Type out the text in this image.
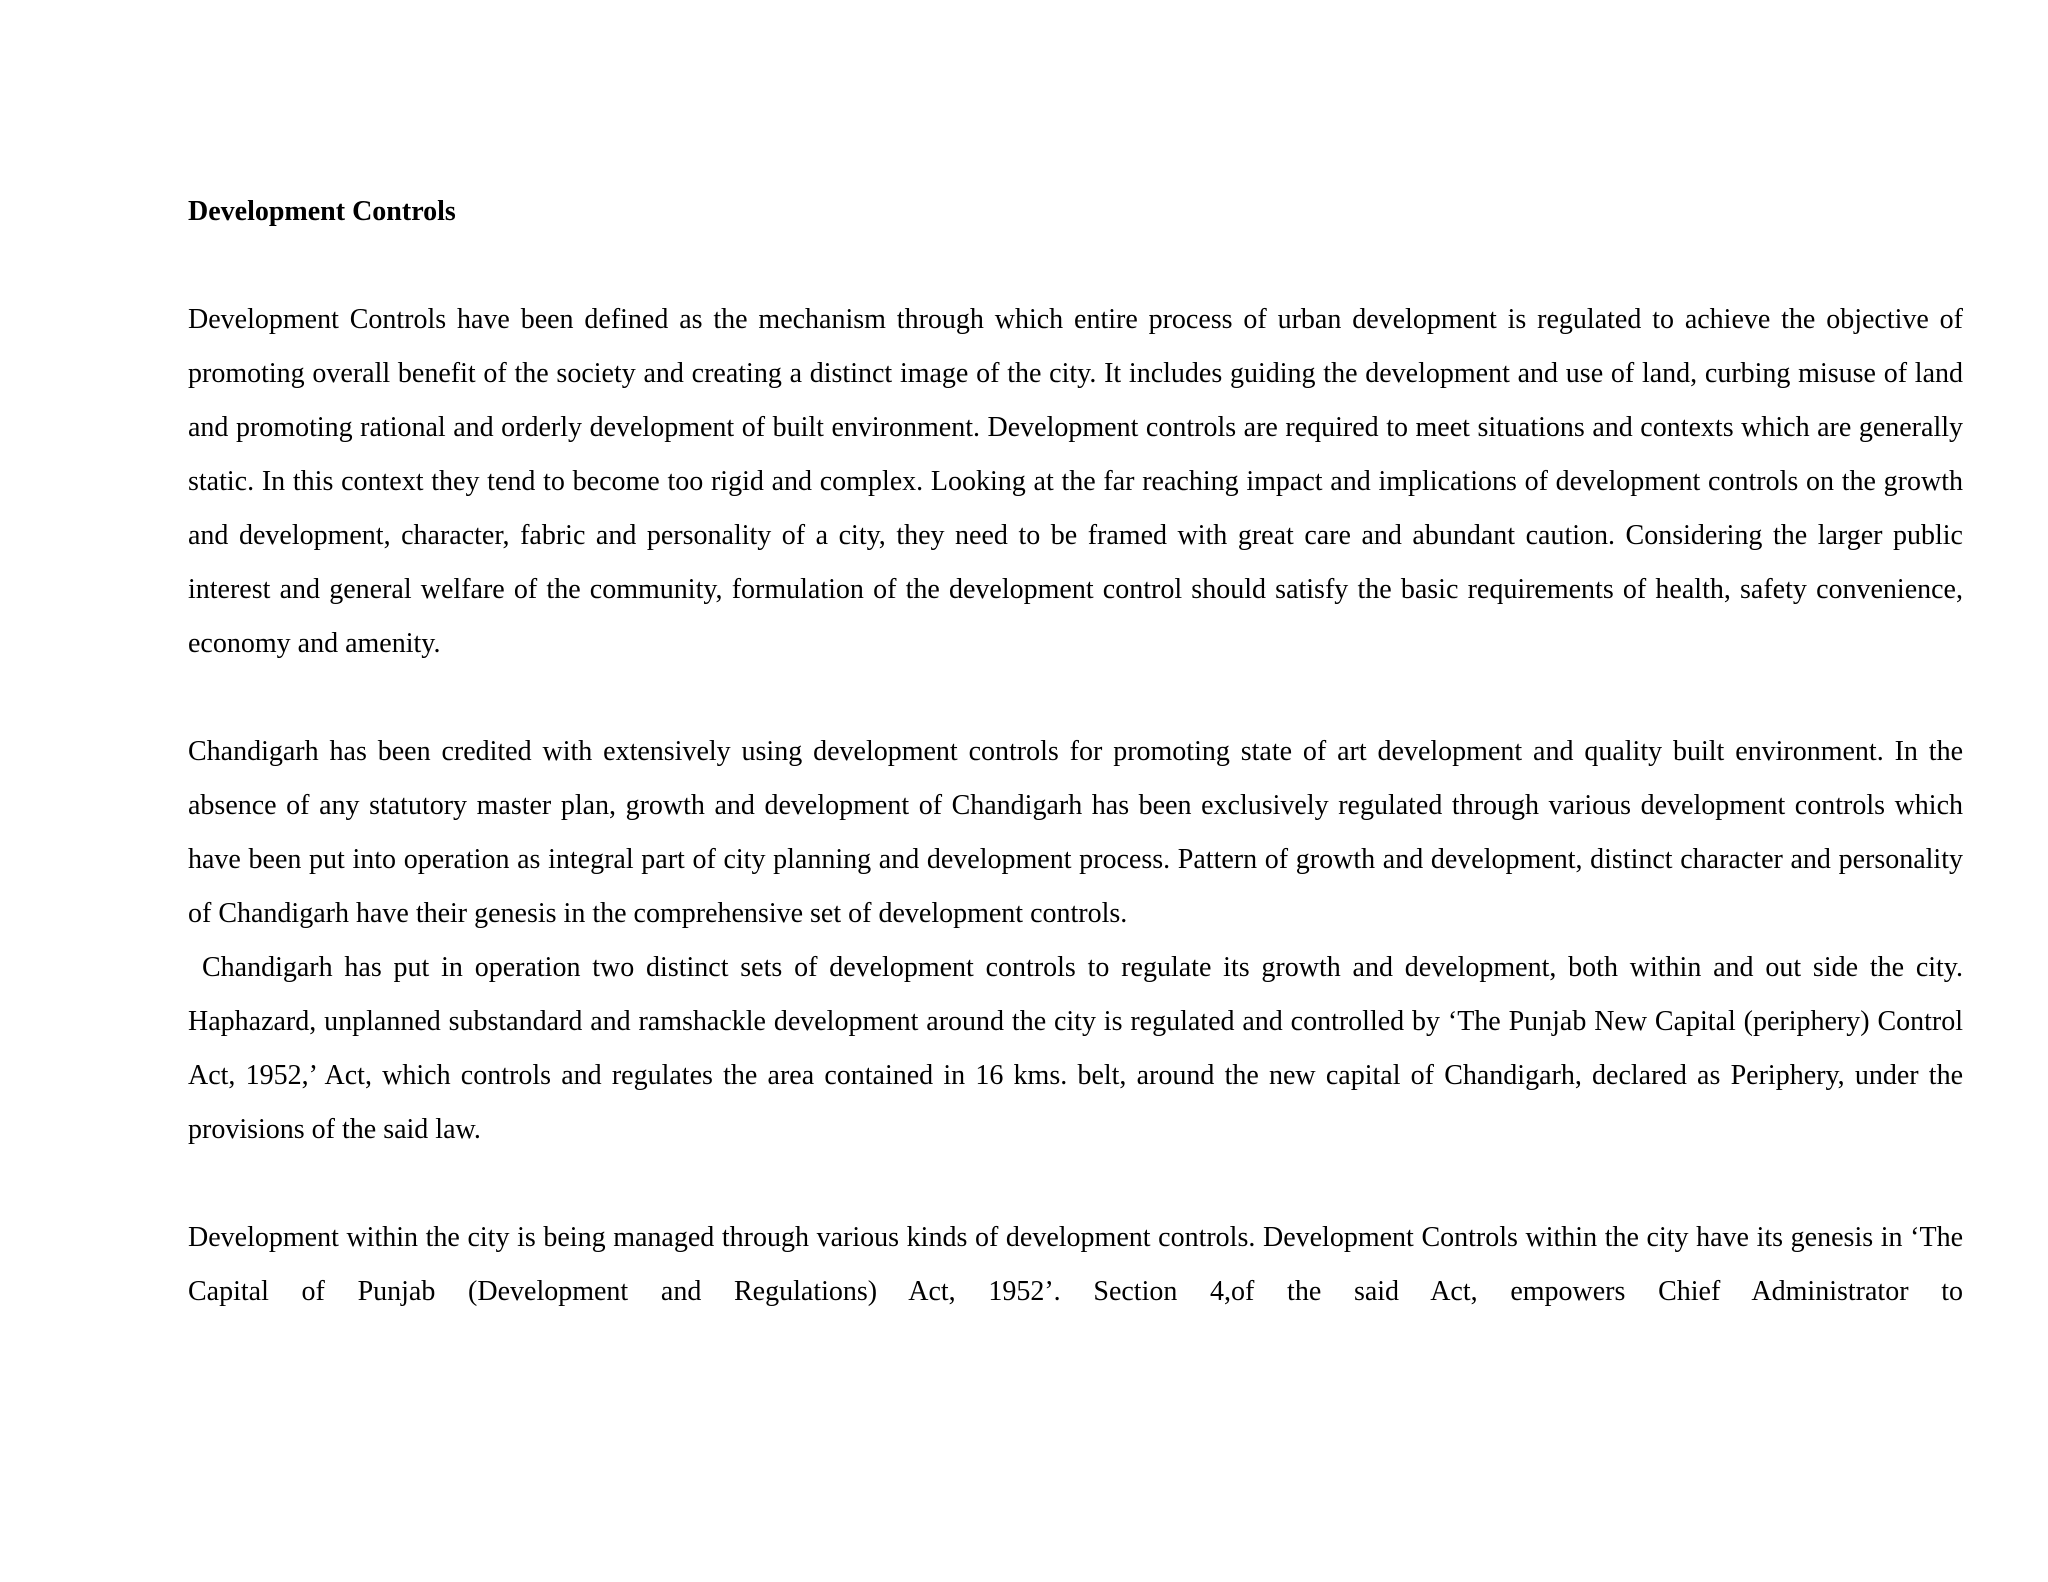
Development Controls

Development Controls have been defined as the mechanism through which entire process of urban development is regulated to achieve the objective of promoting overall benefit of the society and creating a distinct image of the city. It includes guiding the development and use of land, curbing misuse of land and promoting rational and orderly development of built environment. Development controls are required to meet situations and contexts which are generally static. In this context they tend to become too rigid and complex. Looking at the far reaching impact and implications of development controls on the growth and development, character, fabric and personality of a city, they need to be framed with great care and abundant caution. Considering the larger public interest and general welfare of the community, formulation of the development control should satisfy the basic requirements of health, safety convenience, economy and amenity.

Chandigarh has been credited with extensively using development controls for promoting state of art development and quality built environment. In the absence of any statutory master plan, growth and development of Chandigarh has been exclusively regulated through various development controls which have been put into operation as integral part of city planning and development process. Pattern of growth and development, distinct character and personality of Chandigarh have their genesis in the comprehensive set of development controls.

Chandigarh has put in operation two distinct sets of development controls to regulate its growth and development, both within and out side the city. Haphazard, unplanned substandard and ramshackle development around the city is regulated and controlled by ‘The Punjab New Capital (periphery) Control Act, 1952,’ Act, which controls and regulates the area contained in 16 kms. belt, around the new capital of Chandigarh, declared as Periphery, under the provisions of the said law.

Development within the city is being managed through various kinds of development controls. Development Controls within the city have its genesis in ‘The Capital of Punjab (Development and Regulations) Act, 1952’. Section 4,of the said Act, empowers Chief Administrator to
